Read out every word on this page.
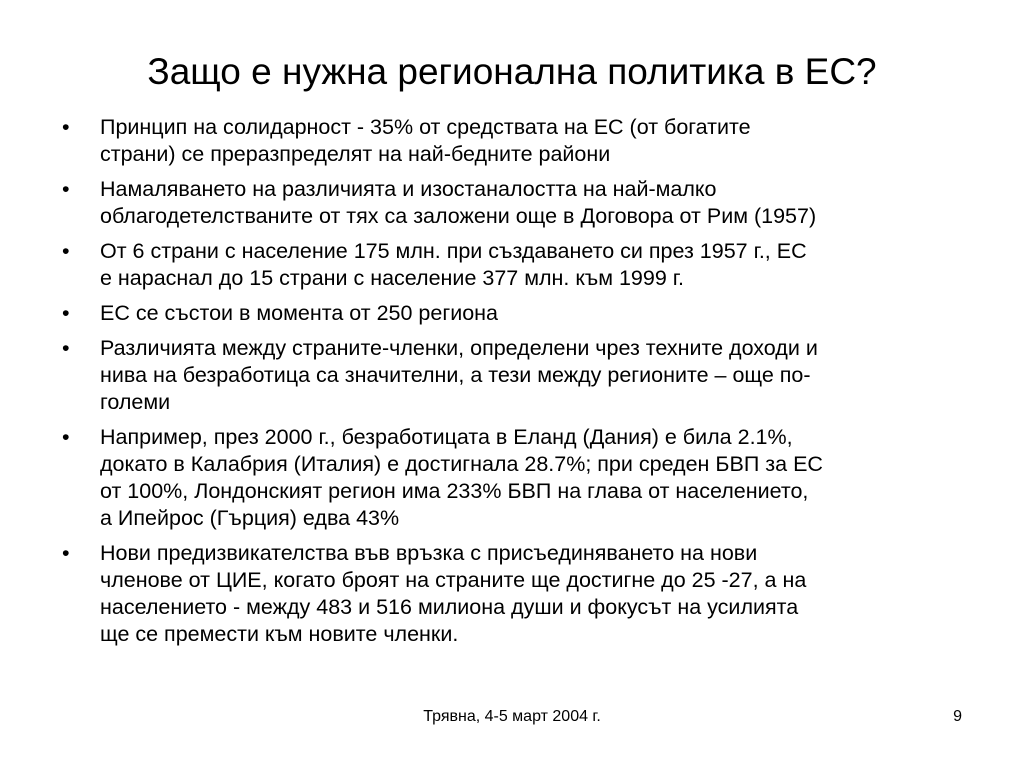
Защо е нужна регионална политика в ЕС?
•	Принцип на солидарност - 35% от средствата на ЕС (от богатите
страни) се преразпределят на най-бедните райони
•	Намаляването на различията и изостаналостта на най-малко
облагодетелстваните от тях са заложени още в Договора от Рим (1957)
•	От 6 страни с население 175 млн. при създаването си през 1957 г., ЕС
е нараснал до 15 страни с население 377 млн. към 1999 г.
•	ЕС се състои в момента от 250 региона
•	Различията между страните-членки, определени чрез техните доходи и
нива на безработица са значителни, а тези между регионите – още по-
големи
•	Например, през 2000 г., безработицата в Еланд (Дания) е била 2.1%,
докато в Калабрия (Италия) е достигнала 28.7%; при среден БВП за ЕС
от 100%, Лондонският регион има 233% БВП на глава от населението,
а Ипейрос (Гърция) едва 43%
•	Нови предизвикателства във връзка с присъединяването на нови
членове от ЦИЕ, когато броят на страните ще достигне до 25 -27, а на
населението - между 483 и 516 милиона души и фокусът на усилията
ще се премести към новите членки.
Трявна, 4-5 март 2004 г.	9
